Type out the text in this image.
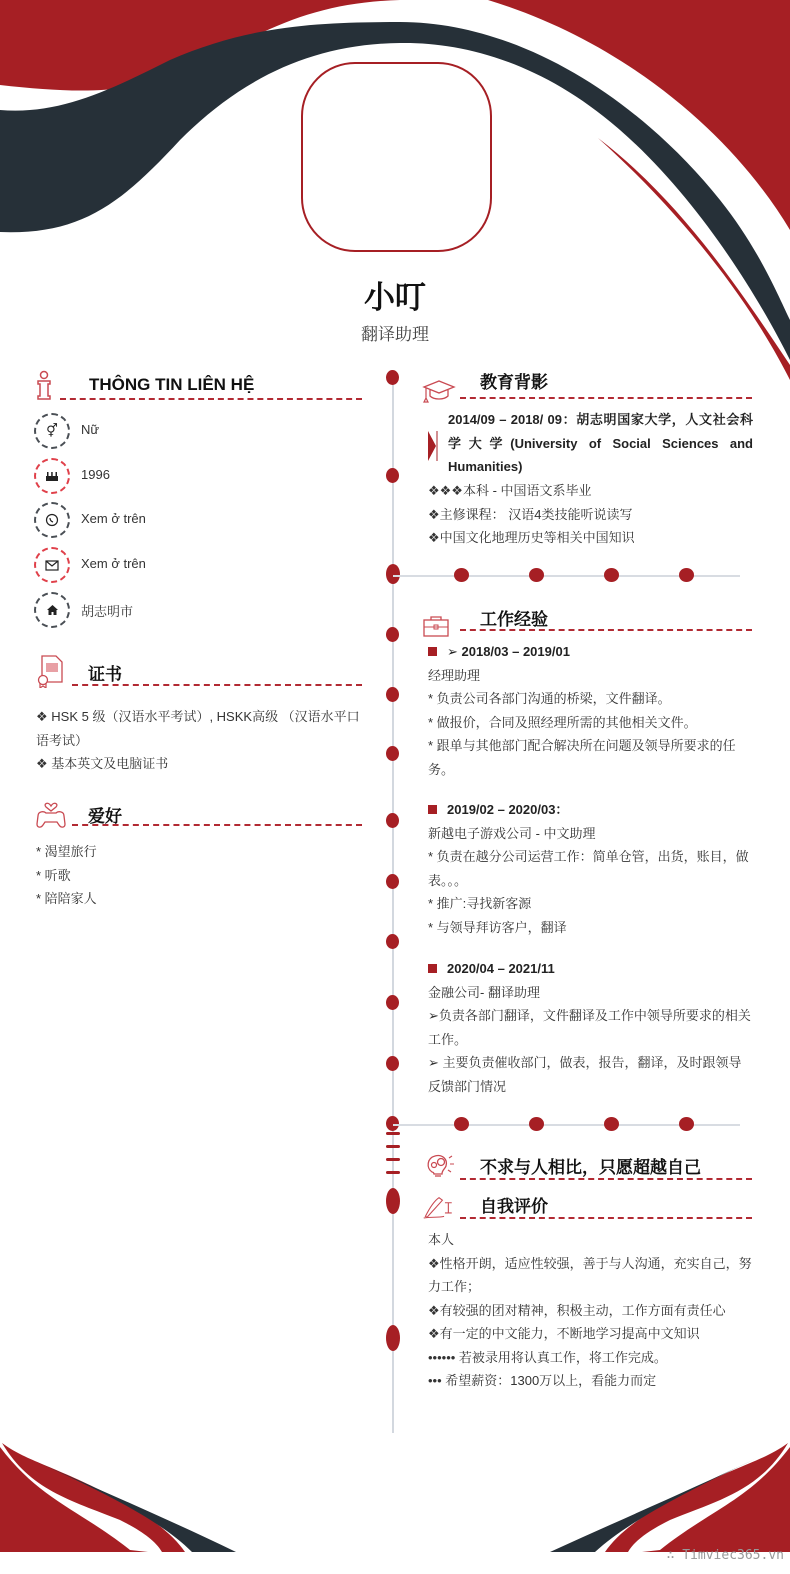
小叮
翻译助理
THÔNG TIN LIÊN HỆ
⚥	Nữ
1996
Xem ở trên
Xem ở trên
胡志明市
证书

❖ HSK 5 级（汉语水平考试）, HSKK高级 （汉语水平口语考试）

❖ 基本英文及电脑证书

爱好

* 渴望旅行

* 听歌

* 陪陪家人

教育背影
2014/09 – 2018/ 09：胡志明国家大学，人文社会科学大学(University of Social Sciences and Humanities)

❖❖❖本科 - 中国语文系毕业

❖主修课程： 汉语4类技能听说读写

❖中国文化地理历史等相关中国知识

工作经验

➢ 2018/03 – 2019/01

经理助理

* 负责公司各部门沟通的桥梁，文件翻译。

* 做报价，合同及照经理所需的其他相关文件。

* 跟单与其他部门配合解决所在问题及领导所要求的任务。

2019/02 – 2020/03：

新越电子游戏公司 - 中文助理

* 负责在越分公司运营工作：简单仓管，出货，账目，做表。。。

* 推广:寻找新客源

* 与领导拜访客户，翻译

2020/04 – 2021/11

金融公司- 翻译助理

➢负责各部门翻译，文件翻译及工作中领导所要求的相关工作。

➢ 主要负责催收部门，做表，报告，翻译，及时跟领导反馈部门情况

不求与人相比，只愿超越自己
自我评价

本人

❖性格开朗，适应性较强，善于与人沟通，充实自己，努力工作；

❖有较强的团对精神，积极主动，工作方面有责任心

❖有一定的中文能力，不断地学习提高中文知识

•••••• 若被录用将认真工作，将工作完成。

••• 希望薪资：1300万以上，看能力而定

∴ Timviec365.vn
